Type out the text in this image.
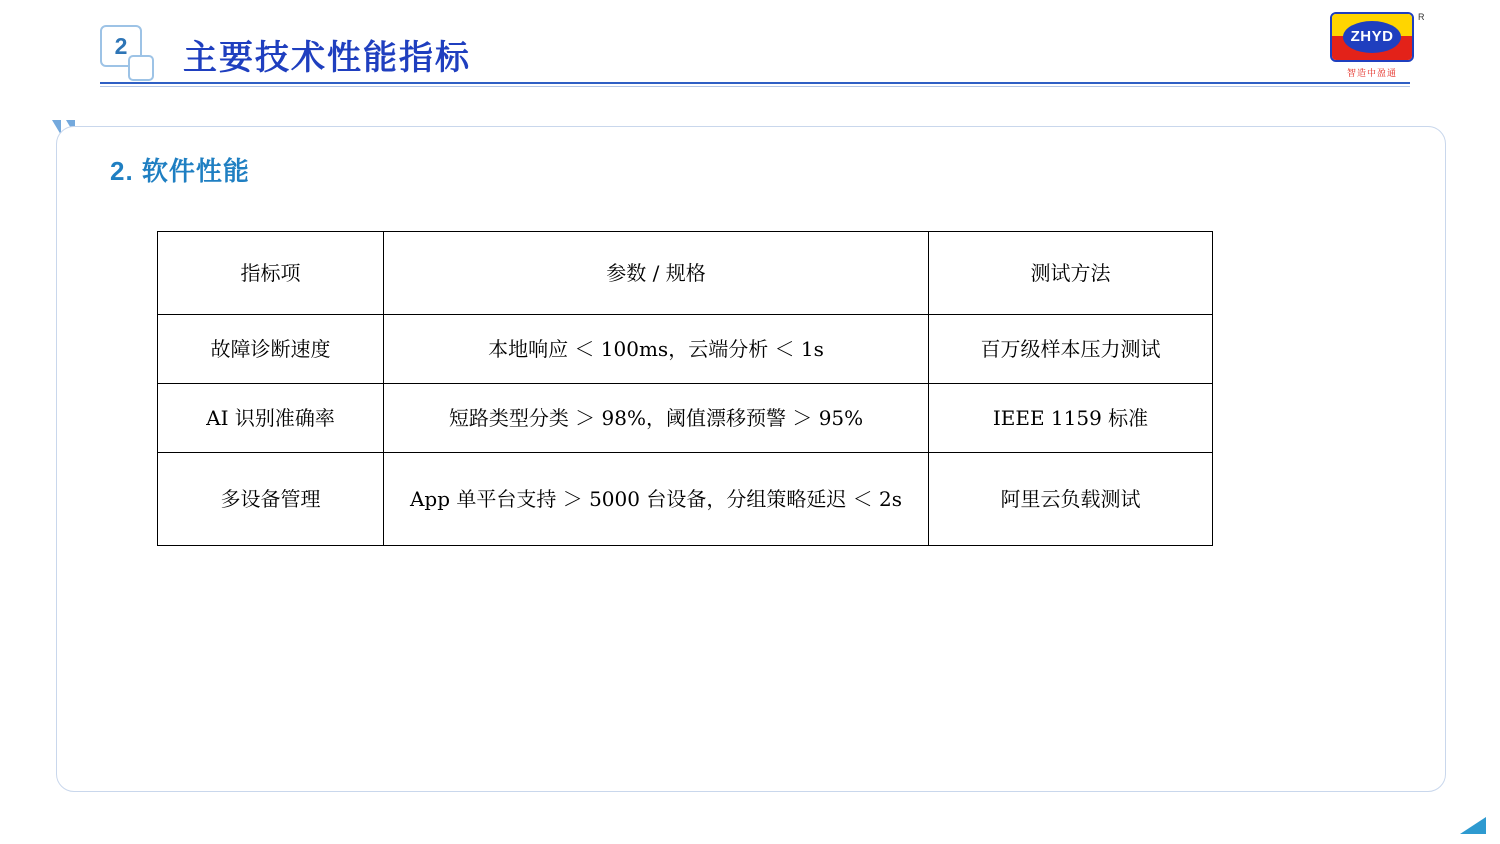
2	主要技术性能指标
ZHYD
R
智造中盈通
2. 软件性能
指标项	参数 / 规格	测试方法
故障诊断速度	本地响应 ＜ 100ms，云端分析 ＜ 1s	百万级样本压力测试
AI 识别准确率	短路类型分类 ＞ 98%，阈值漂移预警 ＞ 95%	IEEE 1159 标准
多设备管理	App 单平台支持 ＞ 5000 台设备，分组策略延迟 ＜ 2s	阿里云负载测试
